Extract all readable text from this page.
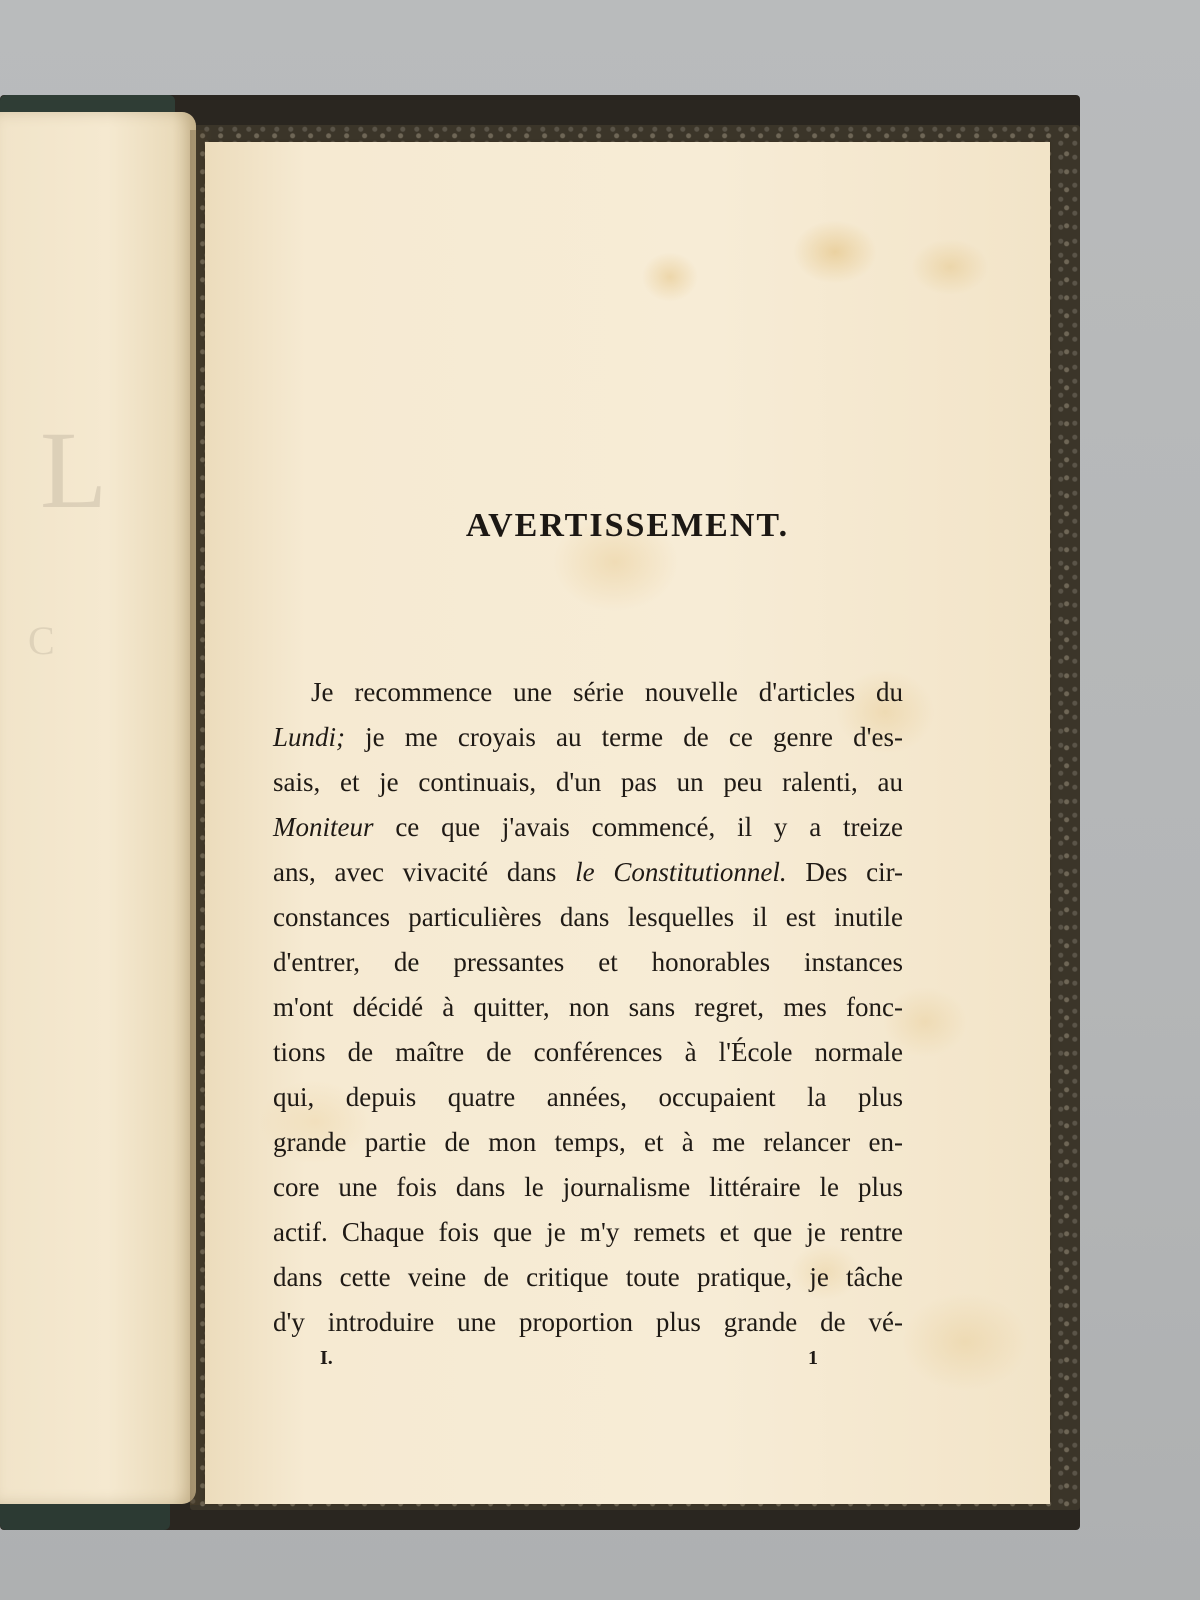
L
C
AVERTISSEMENT.
Je recommence une série nouvelle d'articles du
Lundi; je me croyais au terme de ce genre d'es-
sais, et je continuais, d'un pas un peu ralenti, au
Moniteur ce que j'avais commencé, il y a treize
ans, avec vivacité dans le Constitutionnel. Des cir-
constances particulières dans lesquelles il est inutile
d'entrer, de pressantes et honorables instances
m'ont décidé à quitter, non sans regret, mes fonc-
tions de maître de conférences à l'École normale
qui, depuis quatre années, occupaient la plus
grande partie de mon temps, et à me relancer en-
core une fois dans le journalisme littéraire le plus
actif. Chaque fois que je m'y remets et que je rentre
dans cette veine de critique toute pratique, je tâche
d'y introduire une proportion plus grande de vé-
I.	1
